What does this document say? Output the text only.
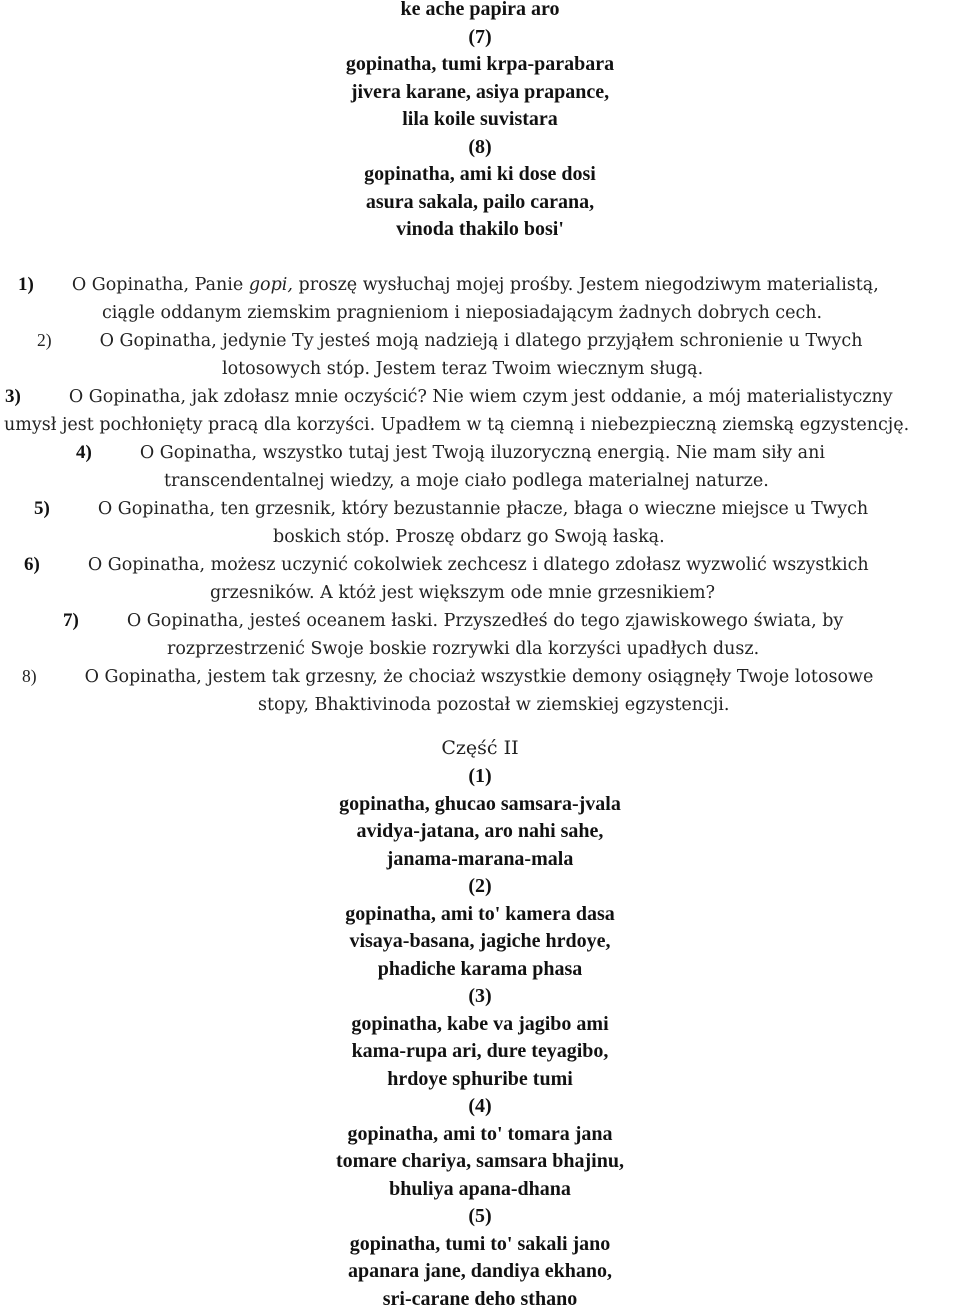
ke ache papira aro
(7)
gopinatha, tumi krpa-parabara
jivera karane, asiya prapance,
lila koile suvistara
(8)
gopinatha, ami ki dose dosi
asura sakala, pailo carana,
vinoda thakilo bosi'
1) O Gopinatha, Panie gopi, proszę wysłuchaj mojej prośby. Jestem niegodziwym materialistą,
ciągle oddanym ziemskim pragnieniom i nieposiadającym żadnych dobrych cech.
2)	O Gopinatha, jedynie Ty jesteś moją nadzieją i dlatego przyjąłem schronienie u Twych
lotosowych stóp. Jestem teraz Twoim wiecznym sługą.
3)	O Gopinatha, jak zdołasz mnie oczyścić? Nie wiem czym jest oddanie, a mój materialistyczny
umysł jest pochłonięty pracą dla korzyści. Upadłem w tą ciemną i niebezpieczną ziemską egzystencję.
4)	O Gopinatha, wszystko tutaj jest Twoją iluzoryczną energią. Nie mam siły ani
transcendentalnej wiedzy, a moje ciało podlega materialnej naturze.
5)	O Gopinatha, ten grzesnik, który bezustannie płacze, błaga o wieczne miejsce u Twych
boskich stóp. Proszę obdarz go Swoją łaską.
6)	O Gopinatha, możesz uczynić cokolwiek zechcesz i dlatego zdołasz wyzwolić wszystkich
grzesników. A któż jest większym ode mnie grzesnikiem?
7)	O Gopinatha, jesteś oceanem łaski. Przyszedłeś do tego zjawiskowego świata, by
rozprzestrzenić Swoje boskie rozrywki dla korzyści upadłych dusz.
8)	O Gopinatha, jestem tak grzesny, że chociaż wszystkie demony osiągnęły Twoje lotosowe
stopy, Bhaktivinoda pozostał w ziemskiej egzystencji.
Część II
(1)
gopinatha, ghucao samsara-jvala
avidya-jatana, aro nahi sahe,
janama-marana-mala
(2)
gopinatha, ami to' kamera dasa
visaya-basana, jagiche hrdoye,
phadiche karama phasa
(3)
gopinatha, kabe va jagibo ami
kama-rupa ari, dure teyagibo,
hrdoye sphuribe tumi
(4)
gopinatha, ami to' tomara jana
tomare chariya, samsara bhajinu,
bhuliya apana-dhana
(5)
gopinatha, tumi to' sakali jano
apanara jane, dandiya ekhano,
sri-carane deho sthano
